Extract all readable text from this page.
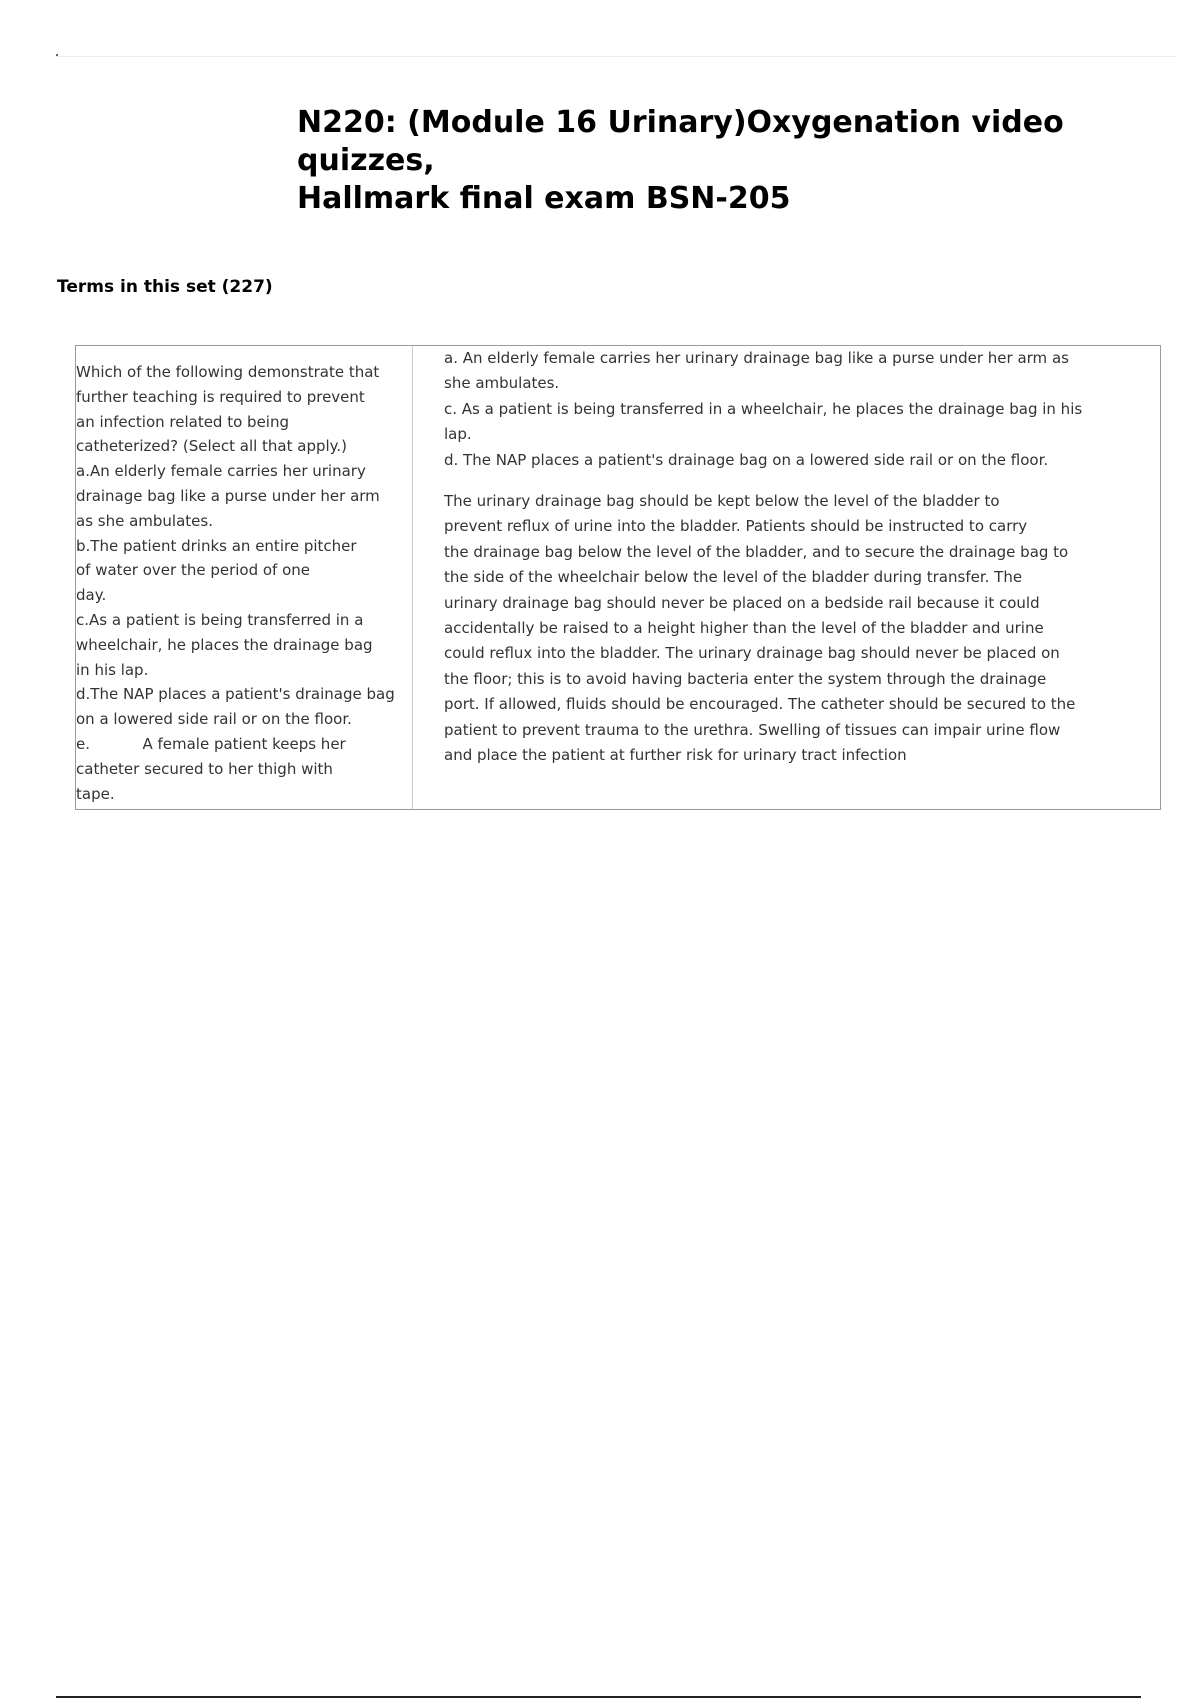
N220: (Module 16 Urinary)Oxygenation video quizzes,
Hallmark final exam BSN-205
Terms in this set (227)
Which of the following demonstrate that
further teaching is required to prevent
an infection related to being
catheterized? (Select all that apply.)
a.An elderly female carries her urinary
drainage bag like a purse under her arm
as she ambulates.
b.The patient drinks an entire pitcher
of water over the period of one
day.
c.As a patient is being transferred in a
wheelchair, he places the drainage bag
in his lap.
d.The NAP places a patient's drainage bag
on a lowered side rail or on the floor.
e.           A female patient keeps her
catheter secured to her thigh with
tape.

a. An elderly female carries her urinary drainage bag like a purse under her arm as
she ambulates.
c. As a patient is being transferred in a wheelchair, he places the drainage bag in his
lap.
d. The NAP places a patient's drainage bag on a lowered side rail or on the floor.

The urinary drainage bag should be kept below the level of the bladder to
prevent reflux of urine into the bladder. Patients should be instructed to carry
the drainage bag below the level of the bladder, and to secure the drainage bag to
the side of the wheelchair below the level of the bladder during transfer. The
urinary drainage bag should never be placed on a bedside rail because it could
accidentally be raised to a height higher than the level of the bladder and urine
could reflux into the bladder. The urinary drainage bag should never be placed on
the floor; this is to avoid having bacteria enter the system through the drainage
port. If allowed, fluids should be encouraged. The catheter should be secured to the
patient to prevent trauma to the urethra. Swelling of tissues can impair urine flow
and place the patient at further risk for urinary tract infection
